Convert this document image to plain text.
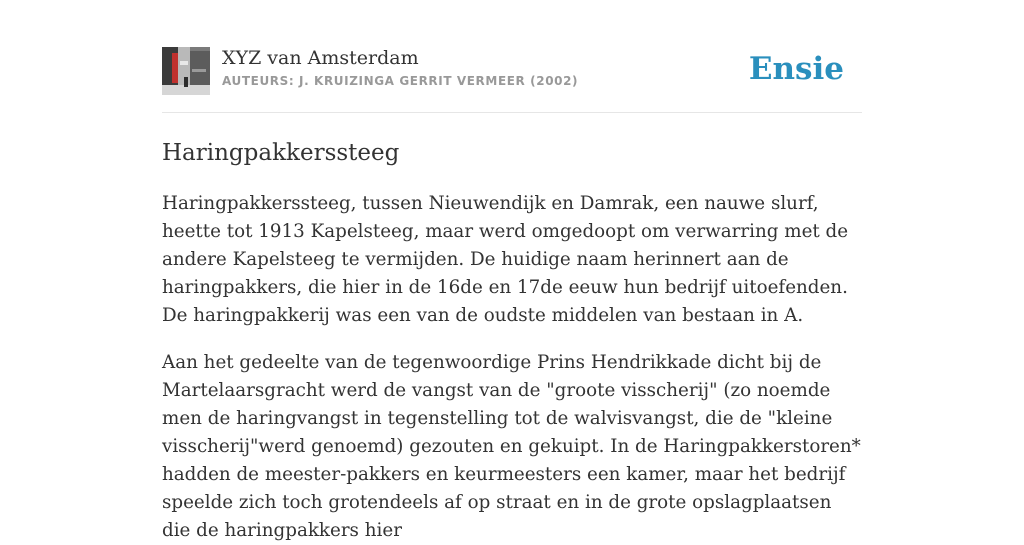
XYZ van Amsterdam
AUTEURS: J. KRUIZINGA GERRIT VERMEER (2002)	Ensie
Haringpakkerssteeg

Haringpakkerssteeg, tussen Nieuwendijk en Damrak, een nauwe slurf, heette tot 1913 Kapelsteeg, maar werd omgedoopt om verwarring met de andere Kapelsteeg te vermijden. De huidige naam herinnert aan de haringpakkers, die hier in de 16de en 17de eeuw hun bedrijf uitoefenden. De haringpakkerij was een van de oudste middelen van bestaan in A.

Aan het gedeelte van de tegenwoordige Prins Hendrikkade dicht bij de Martelaarsgracht werd de vangst van de "groote visscherij" (zo noemde men de haringvangst in tegenstelling tot de walvisvangst, die de "kleine visscherij"werd genoemd) gezouten en gekuipt. In de Haringpakkerstoren* hadden de meester-pakkers en keurmeesters een kamer, maar het bedrijf speelde zich toch grotendeels af op straat en in de grote opslagplaatsen die de haringpakkers hier
